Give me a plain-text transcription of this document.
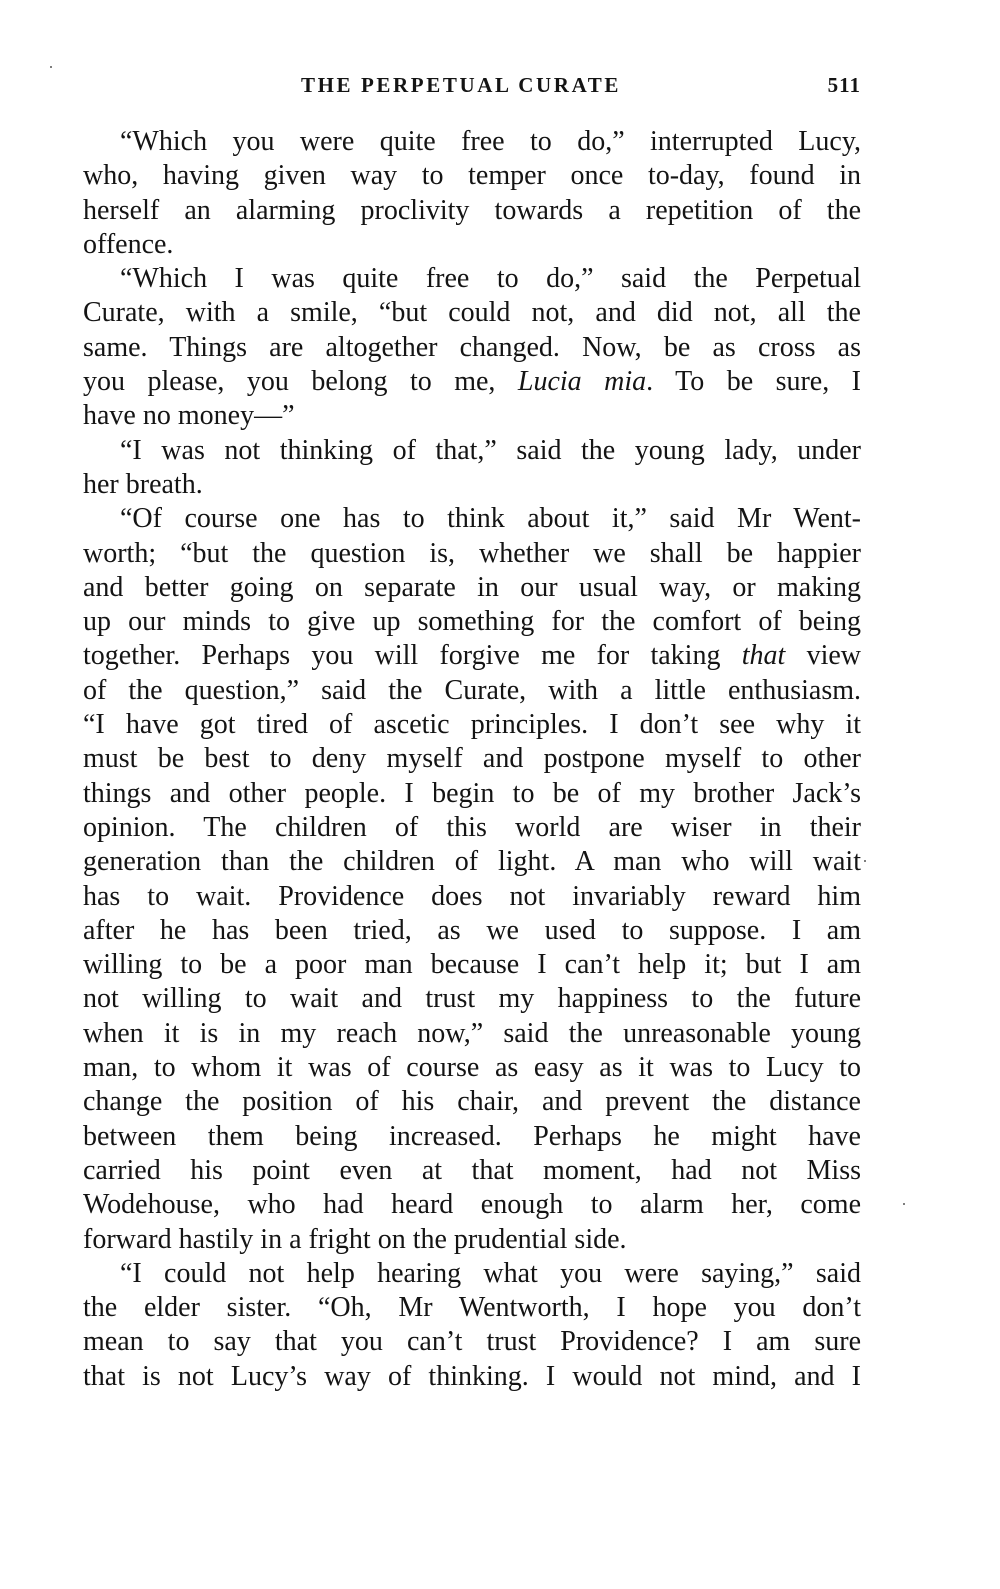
THE PERPETUAL CURATE	511
“Which you were quite free to do,” interrupted Lucy,
who, having given way to temper once to-day, found in
herself an alarming proclivity towards a repetition of the
offence.
“Which I was quite free to do,” said the Perpetual
Curate, with a smile, “but could not, and did not, all the
same. Things are altogether changed. Now, be as cross as
you please, you belong to me, Lucia mia. To be sure, I
have no money—”
“I was not thinking of that,” said the young lady, under
her breath.
“Of course one has to think about it,” said Mr Went-
worth; “but the question is, whether we shall be happier
and better going on separate in our usual way, or making
up our minds to give up something for the comfort of being
together. Perhaps you will forgive me for taking that view
of the question,” said the Curate, with a little enthusiasm.
“I have got tired of ascetic principles. I don’t see why it
must be best to deny myself and postpone myself to other
things and other people. I begin to be of my brother Jack’s
opinion. The children of this world are wiser in their
generation than the children of light. A man who will wait
has to wait. Providence does not invariably reward him
after he has been tried, as we used to suppose. I am
willing to be a poor man because I can’t help it; but I am
not willing to wait and trust my happiness to the future
when it is in my reach now,” said the unreasonable young
man, to whom it was of course as easy as it was to Lucy to
change the position of his chair, and prevent the distance
between them being increased. Perhaps he might have
carried his point even at that moment, had not Miss
Wodehouse, who had heard enough to alarm her, come
forward hastily in a fright on the prudential side.
“I could not help hearing what you were saying,” said
the elder sister. “Oh, Mr Wentworth, I hope you don’t
mean to say that you can’t trust Providence? I am sure
that is not Lucy’s way of thinking. I would not mind, and I
